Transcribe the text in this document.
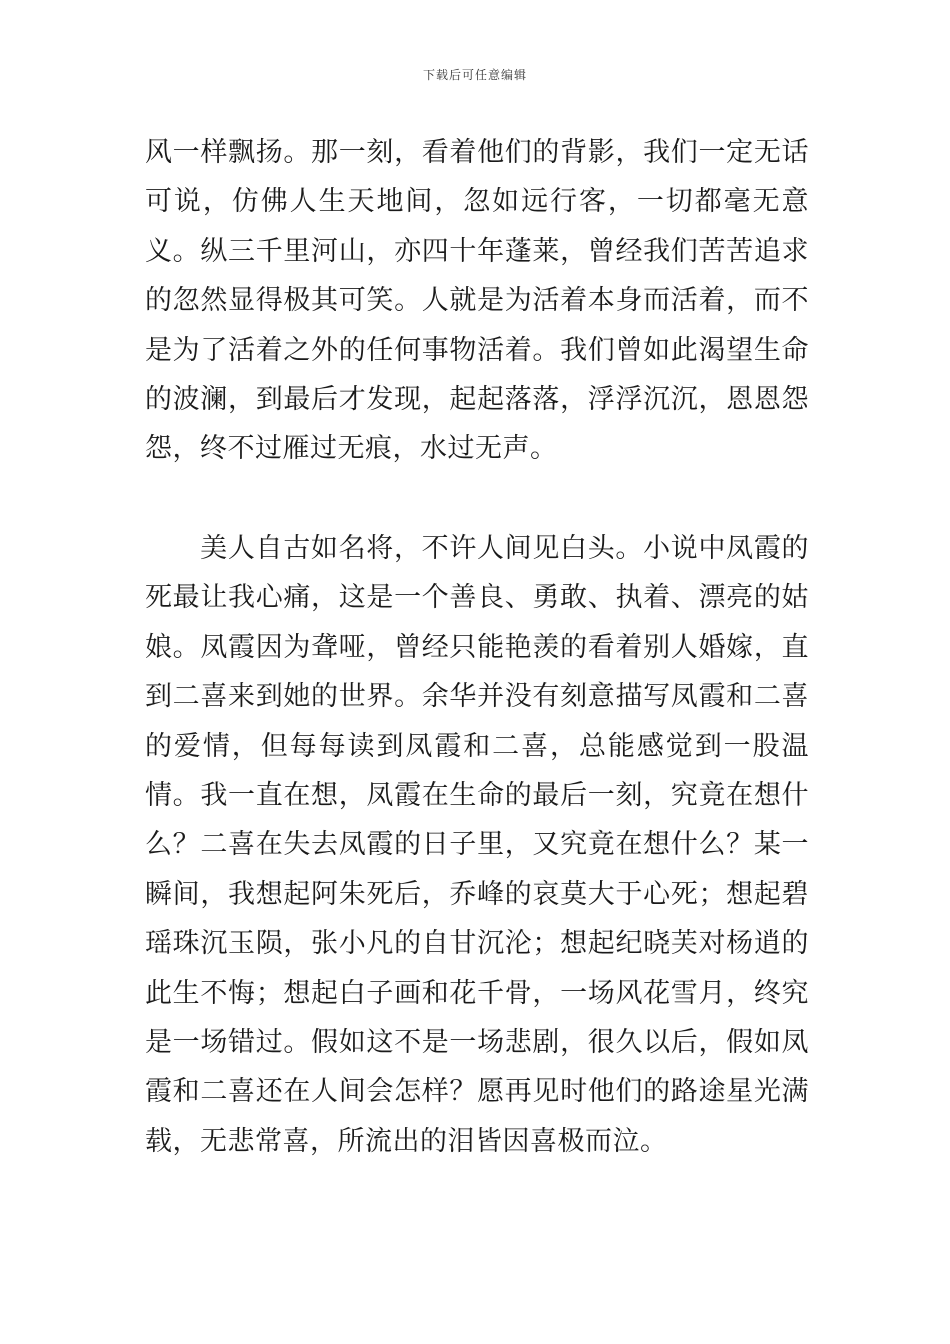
下载后可任意编辑

风一样飘扬。那一刻，看着他们的背影，我们一定无话可说，仿佛人生天地间，忽如远行客，一切都毫无意义。纵三千里河山，亦四十年蓬莱，曾经我们苦苦追求的忽然显得极其可笑。人就是为活着本身而活着，而不是为了活着之外的任何事物活着。我们曾如此渴望生命的波澜，到最后才发现，起起落落，浮浮沉沉，恩恩怨怨，终不过雁过无痕，水过无声。

美人自古如名将，不许人间见白头。小说中凤霞的死最让我心痛，这是一个善良、勇敢、执着、漂亮的姑娘。凤霞因为聋哑，曾经只能艳羡的看着别人婚嫁，直到二喜来到她的世界。余华并没有刻意描写凤霞和二喜的爱情，但每每读到凤霞和二喜，总能感觉到一股温情。我一直在想，凤霞在生命的最后一刻，究竟在想什么？二喜在失去凤霞的日子里，又究竟在想什么？某一瞬间，我想起阿朱死后，乔峰的哀莫大于心死；想起碧瑶珠沉玉陨，张小凡的自甘沉沦；想起纪晓芙对杨逍的此生不悔；想起白子画和花千骨，一场风花雪月，终究是一场错过。假如这不是一场悲剧，很久以后，假如凤霞和二喜还在人间会怎样？愿再见时他们的路途星光满载，无悲常喜，所流出的泪皆因喜极而泣。
